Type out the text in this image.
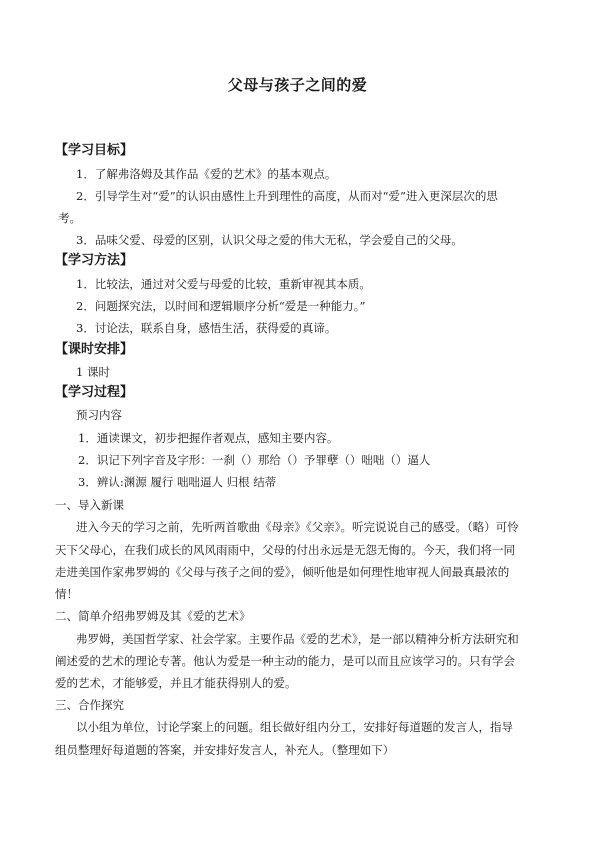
父母与孩子之间的爱
【学习目标】
1．了解弗洛姆及其作品《爱的艺术》的基本观点。
2．引导学生对“爱”的认识由感性上升到理性的高度，从而对“爱”进入更深层次的思
考。
3．品味父爱、母爱的区别，认识父母之爱的伟大无私，学会爱自己的父母。
【学习方法】
1．比较法，通过对父爱与母爱的比较，重新审视其本质。
2．问题探究法，以时间和逻辑顺序分析“爱是一种能力。”
3．讨论法，联系自身，感悟生活，获得爱的真谛。
【课时安排】
1 课时
【学习过程】
预习内容
1．通读课文，初步把握作者观点，感知主要内容。
2．识记下列字音及字形：一刹（）那给（）予罪孽（）咄咄（）逼人
3．辨认:渊源 履行 咄咄逼人 归根 结蒂
一、导入新课
进入今天的学习之前，先听两首歌曲《母亲》《父亲》。听完说说自己的感受。（略）可怜
天下父母心，在我们成长的风风雨雨中，父母的付出永远是无怨无悔的。今天，我们将一同
走进美国作家弗罗姆的《父母与孩子之间的爱》，倾听他是如何理性地审视人间最真最浓的
情！
二、简单介绍弗罗姆及其《爱的艺术》
弗罗姆，美国哲学家、社会学家。主要作品《爱的艺术》，是一部以精神分析方法研究和
阐述爱的艺术的理论专著。他认为爱是一种主动的能力，是可以而且应该学习的。只有学会
爱的艺术，才能够爱，并且才能获得别人的爱。
三、合作探究
以小组为单位，讨论学案上的问题。组长做好组内分工，安排好每道题的发言人，指导
组员整理好每道题的答案，并安排好发言人，补充人。（整理如下）
